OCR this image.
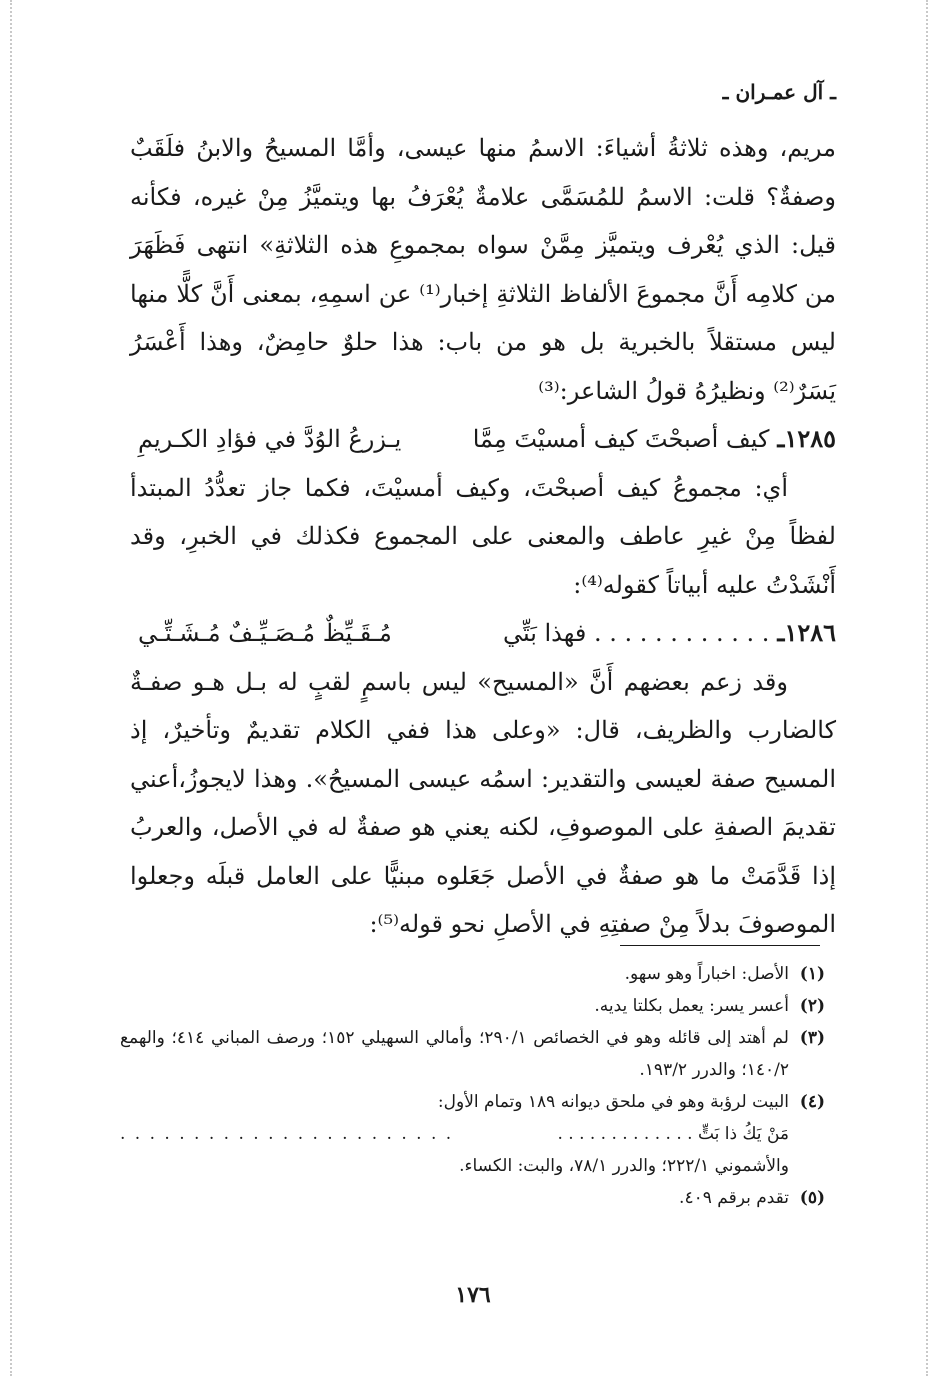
ـ آل عمـران ـ

مريم، وهذه ثلاثةُ أشياءَ: الاسمُ منها عيسى، وأمَّا المسيحُ والابنُ فلَقَبٌ وصفةٌ؟ قلت: الاسمُ للمُسَمَّى علامةٌ يُعْرَفُ بها ويتميَّزُ مِنْ غيره، فكأنه قيل: الذي يُعْرف ويتميَّز مِمَّنْ سواه بمجموعِ هذه الثلاثةِ» انتهى فَظَهَرَ من كلامِه أَنَّ مجموعَ الألفاظ الثلاثةِ إخبار⁽¹⁾ عن اسمِهِ، بمعنى أَنَّ كلًّا منها ليس مستقلاً بالخبرية بل هو من باب: هذا حلوٌ حامِضٌ، وهذا أَعْسَرُ يَسَرٌ⁽²⁾ ونظيرُهُ قولُ الشاعر:⁽³⁾

١٢٨٥ـ
كيف أصبحْتَ كيف أمسيْتَ مِمَّا
يـزرعُ الوُدَّ في فؤادِ الكـريمِ

أي: مجموعُ كيف أصبحْتَ، وكيف أمسيْتَ، فكما جاز تعدُّدُ المبتدأ لفظاً مِنْ غيرِ عاطف والمعنى على المجموع فكذلك في الخبرِ، وقد أَنْشَدْتُ عليه أبياتاً كقوله⁽⁴⁾:

١٢٨٦ـ
. . . . . . . . . . . . فهذا بَتِّي
مُـقَـيِّظٌ مُـصَـيِّـفٌ مُـشَـتِّـي

وقد زعم بعضهم أَنَّ «المسيح» ليس باسمٍ لقبٍ له بـل هـو صفـةٌ كالضارب والظريف، قال: «وعلى هذا ففي الكلام تقديمٌ وتأخيرٌ، إذ المسيح صفة لعيسى والتقدير: اسمُه عيسى المسيحُ». وهذا لايجوزُ،أعني تقديمَ الصفةِ على الموصوفِ، لكنه يعني هو صفةٌ له في الأصل، والعربُ إذا قَدَّمَتْ ما هو صفةٌ في الأصل جَعَلوه مبنيًّا على العامل قبلَه وجعلوا الموصوفَ بدلاً مِنْ صفتِهِ في الأصلِ نحو قوله⁽⁵⁾:

(١)
الأصل: اخباراً وهو سهو.
(٢)
أعسر يسر: يعمل بكلتا يديه.
(٣)
لم أهتد إلى قائله وهو في الخصائص ٢٩٠/١؛ وأمالي السهيلي ١٥٢؛ ورصف المباني ٤١٤؛ والهمع ١٤٠/٢؛ والدرر ١٩٣/٢.
(٤)
البيت لرؤبة وهو في ملحق ديوانه ١٨٩ وتمام الأول:
مَنْ يَكُ ذا بَتٍّ . . . . . . . . . . . . .
. . . . . . . . . . . . . . . . . . . . . . .
والأشموني ٢٢٢/١؛ والدرر ٧٨/١، والبت: الكساء.
(٥)
تقدم برقم ٤٠٩.
١٧٦
